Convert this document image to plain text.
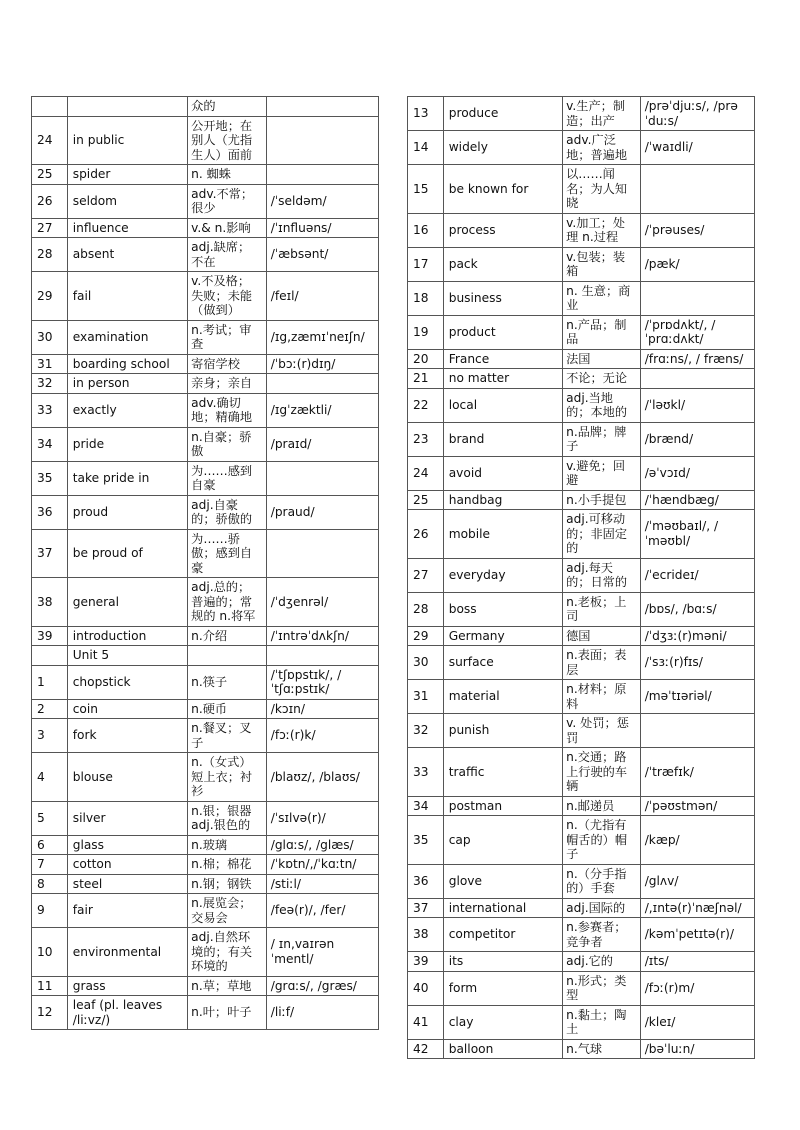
		众的	
24	in public	公开地；在别人（尤指生人）面前	
25	spider	n. 蜘蛛	
26	seldom	adv.不常；很少	/ˈseldəm/
27	influence	v.& n.影响	/ˈɪnfluəns/
28	absent	adj.缺席；不在	/ˈæbsənt/
29	fail	v.不及格；失败；未能（做到）	/feɪl/
30	examination	n.考试；审查	/ɪg,zæmɪˈneɪʃn/
31	boarding school	寄宿学校	/ˈbɔː(r)dɪŋ/
32	in person	亲身；亲自	
33	exactly	adv.确切地；精确地	/ɪgˈzæktli/
34	pride	n.自豪；骄傲	/praɪd/
35	take pride in	为……感到自豪	
36	proud	adj.自豪的；骄傲的	/praud/
37	be proud of	为……骄傲；感到自豪	
38	general	adj.总的；普遍的；常规的 n.将军	/ˈdʒenrəl/
39	introduction	n.介绍	/ˈɪntrəˈdʌkʃn/
	Unit 5		
1	chopstick	n.筷子	/ˈtʃɒpstɪk/, /ˈtʃɑːpstɪk/
2	coin	n.硬币	/kɔɪn/
3	fork	n.餐叉；叉子	/fɔː(r)k/
4	blouse	n.（女式）短上衣；衬衫	/blaʊz/, /blaʊs/
5	silver	n.银；银器 adj.银色的	/ˈsɪlvə(r)/
6	glass	n.玻璃	/glɑːs/, /glæs/
7	cotton	n.棉；棉花	/ˈkɒtn/,/ˈkɑːtn/
8	steel	n.钢；钢铁	/stiːl/
9	fair	n.展览会；交易会	/feə(r)/, /fer/
10	environmental	adj.自然环境的；有关环境的	/ ɪn,vaɪrənˈmentl/
11	grass	n.草；草地	/grɑːs/, /græs/
12	leaf (pl. leaves /liːvz/)	n.叶；叶子	/liːf/
13	produce	v.生产；制造；出产	/prəˈdjuːs/, /prəˈduːs/
14	widely	adv.广泛地；普遍地	/ˈwaɪdli/
15	be known for	以……闻名；为人知晓	
16	process	v.加工；处理 n.过程	/ˈprəuses/
17	pack	v.包装；装箱	/pæk/
18	business	n. 生意；商业	
19	product	n.产品；制品	/ˈprɒdʌkt/, /ˈprɑːdʌkt/
20	France	法国	/frɑːns/, / fræns/
21	no matter	不论；无论	
22	local	adj.当地的；本地的	/ˈləʊkl/
23	brand	n.品牌；牌子	/brænd/
24	avoid	v.避免；回避	/əˈvɔɪd/
25	handbag	n.小手提包	/ˈhændbæg/
26	mobile	adj.可移动的；非固定的	/ˈməʊbaɪl/, /ˈməʊbl/
27	everyday	adj.每天的；日常的	/ˈecrideɪ/
28	boss	n.老板；上司	/bɒs/, /bɑːs/
29	Germany	德国	/ˈdʒɜː(r)məni/
30	surface	n.表面；表层	/ˈsɜː(r)fɪs/
31	material	n.材料；原料	/məˈtɪəriəl/
32	punish	v. 处罚；惩罚	
33	traffic	n.交通；路上行驶的车辆	/ˈtræfɪk/
34	postman	n.邮递员	/ˈpəʊstmən/
35	cap	n.（尤指有帽舌的）帽子	/kæp/
36	glove	n.（分手指的）手套	/glʌv/
37	international	adj.国际的	/,ɪntə(r)ˈnæʃnəl/
38	competitor	n.参赛者；竞争者	/kəmˈpetɪtə(r)/
39	its	adj.它的	/ɪts/
40	form	n.形式；类型	/fɔː(r)m/
41	clay	n.黏土；陶土	/kleɪ/
42	balloon	n.气球	/bəˈluːn/
